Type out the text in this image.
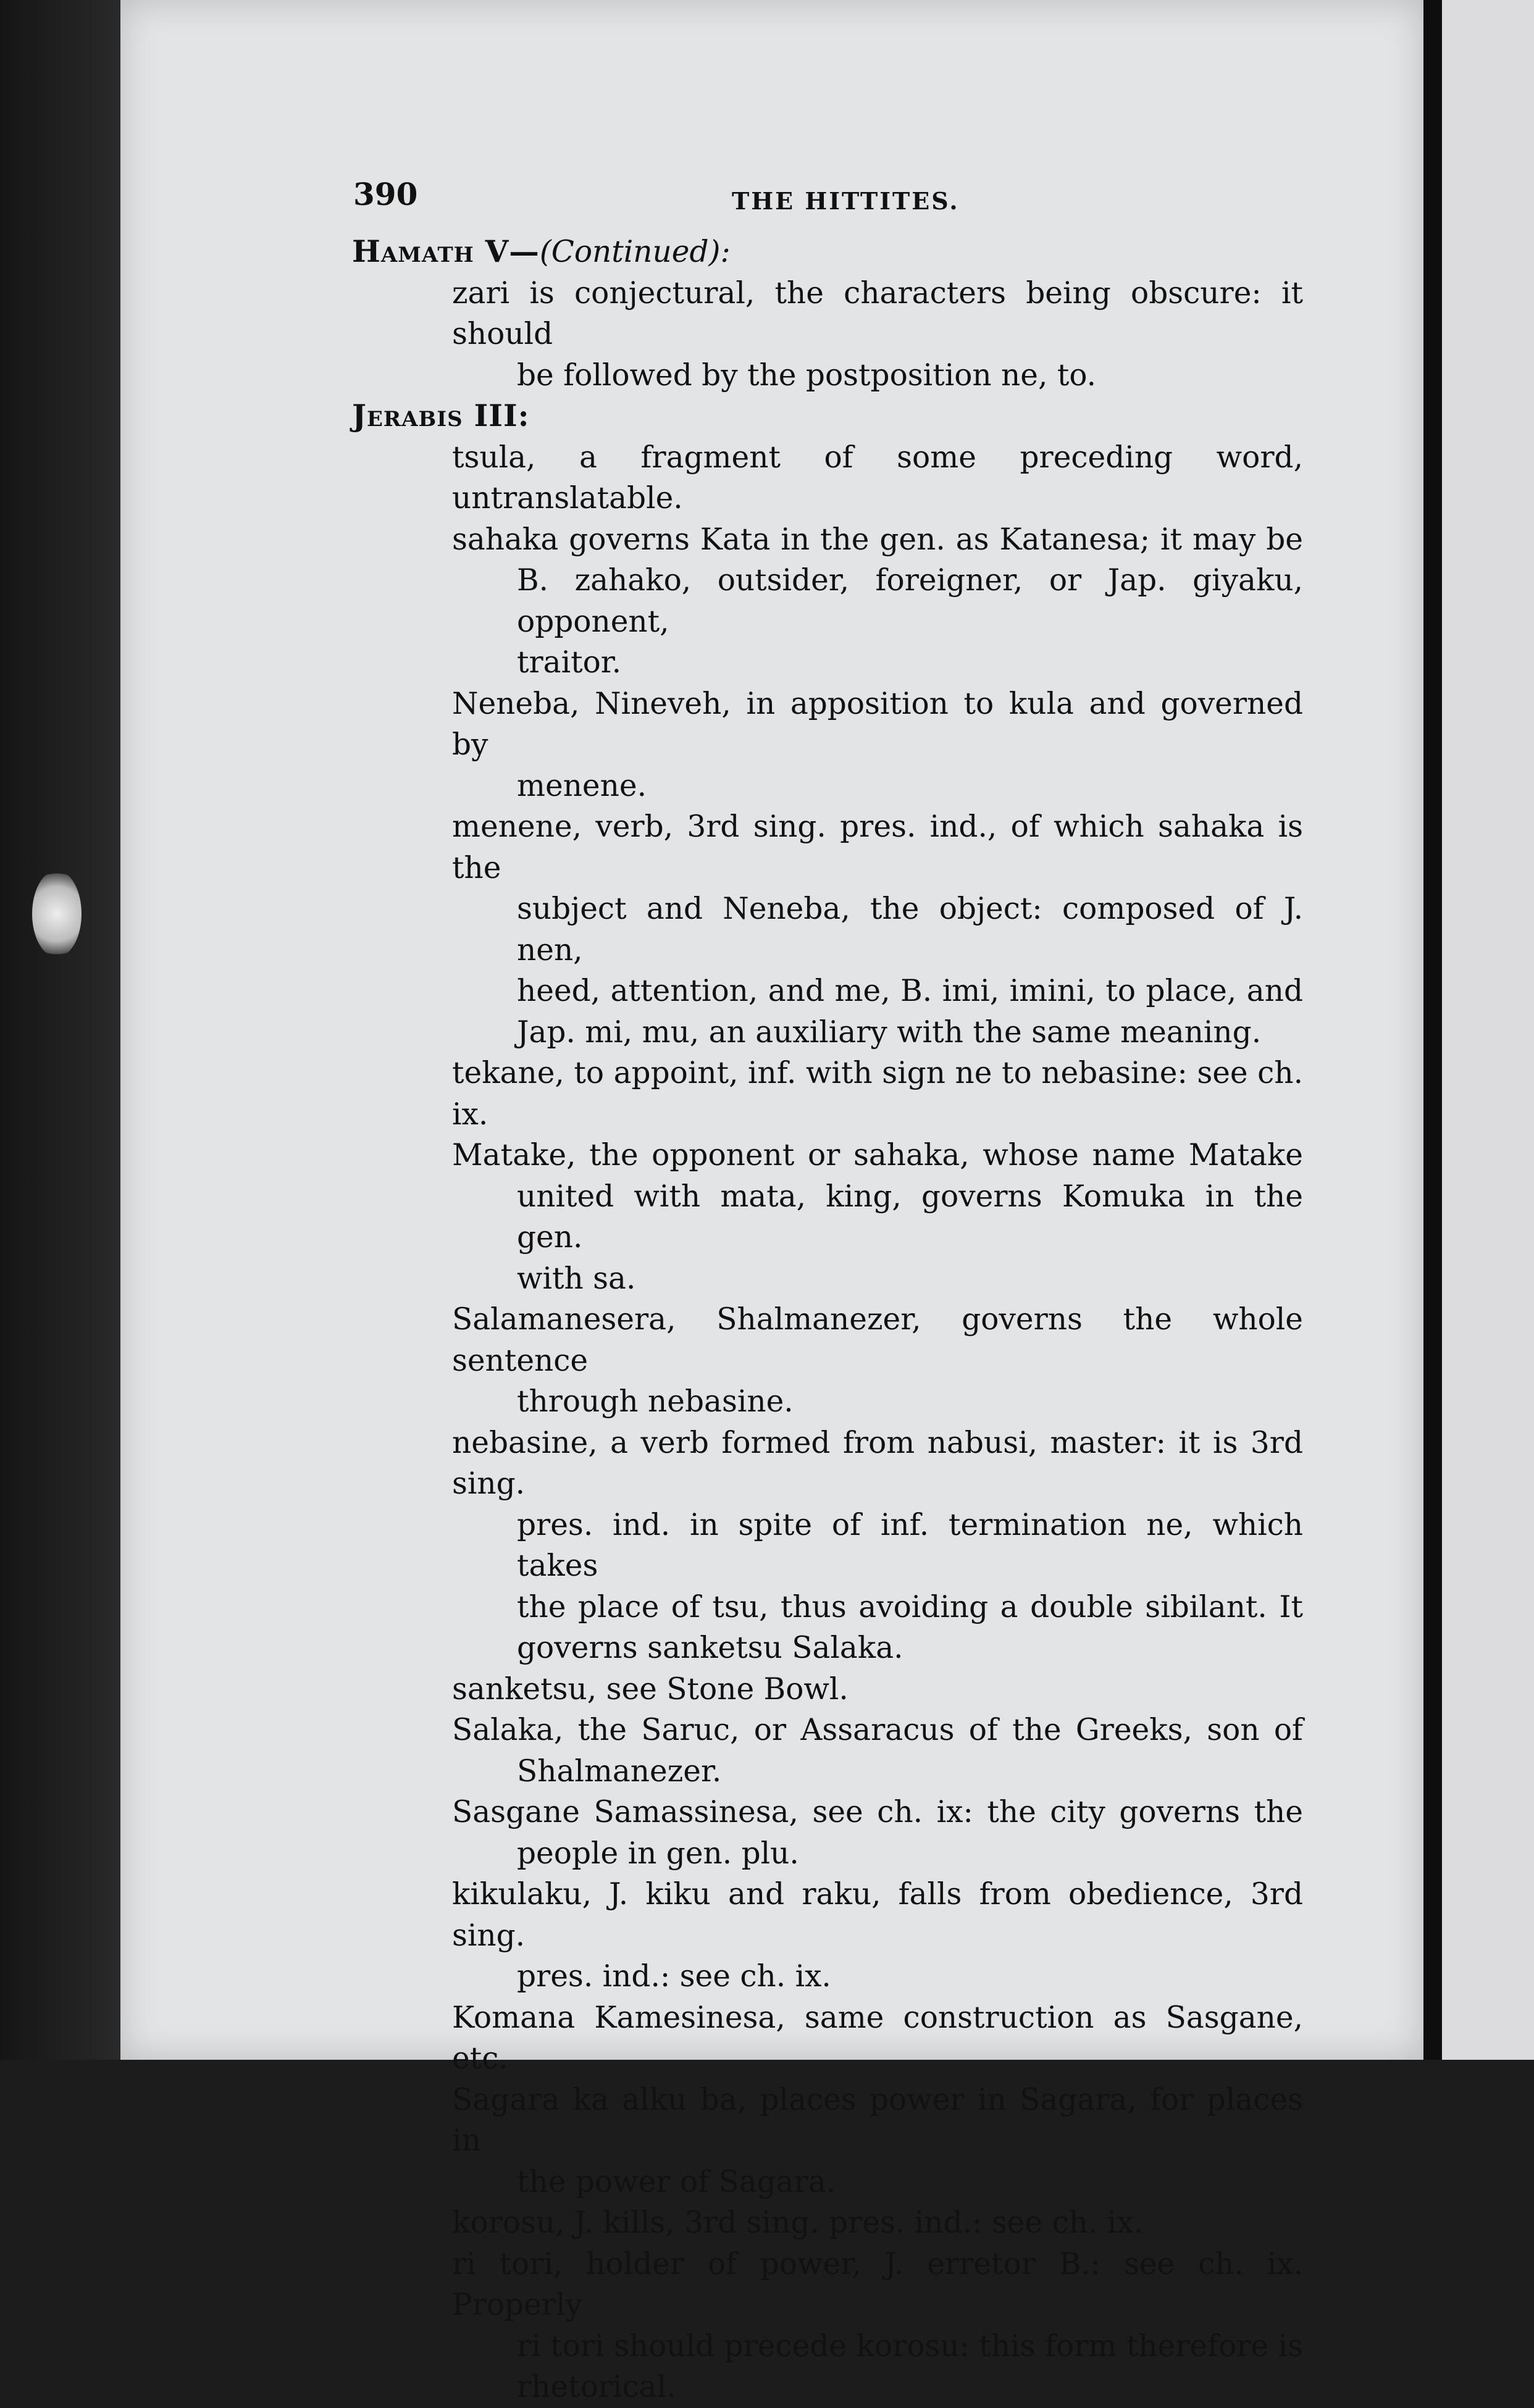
390	THE HITTITES.
Hamath V—(Continued):
zari is conjectural, the characters being obscure: it should
be followed by the postposition ne, to.
Jerabis III:
tsula, a fragment of some preceding word, untranslatable.
sahaka governs Kata in the gen. as Katanesa; it may be
B. zahako, outsider, foreigner, or Jap. giyaku, opponent,
traitor.
Neneba, Nineveh, in apposition to kula and governed by
menene.
menene, verb, 3rd sing. pres. ind., of which sahaka is the
subject and Neneba, the object: composed of J. nen,
heed, attention, and me, B. imi, imini, to place, and
Jap. mi, mu, an auxiliary with the same meaning.
tekane, to appoint, inf. with sign ne to nebasine: see ch. ix.
Matake, the opponent or sahaka, whose name Matake
united with mata, king, governs Komuka in the gen.
with sa.
Salamanesera, Shalmanezer, governs the whole sentence
through nebasine.
nebasine, a verb formed from nabusi, master: it is 3rd sing.
pres. ind. in spite of inf. termination ne, which takes
the place of tsu, thus avoiding a double sibilant. It
governs sanketsu Salaka.
sanketsu, see Stone Bowl.
Salaka, the Saruc, or Assaracus of the Greeks, son of
Shalmanezer.
Sasgane Samassinesa, see ch. ix: the city governs the
people in gen. plu.
kikulaku, J. kiku and raku, falls from obedience, 3rd sing.
pres. ind.: see ch. ix.
Komana Kamesinesa, same construction as Sasgane, etc.
Sagara ka alku ba, places power in Sagara, for places in
the power of Sagara.
korosu, J. kills, 3rd sing. pres. ind.: see ch. ix.
ri tori, holder of power, J. erretor B.: see ch. ix. Properly
ri tori should precede korosu: this form therefore is
rhetorical.
